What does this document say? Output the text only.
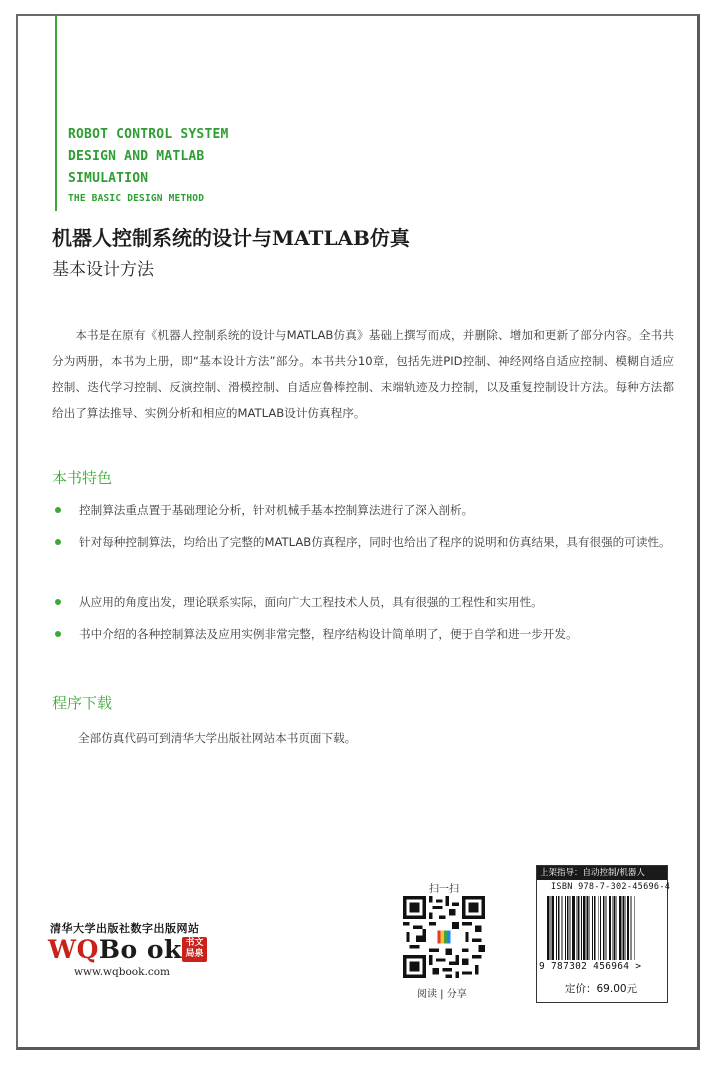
ROBOT CONTROL SYSTEM
DESIGN AND MATLAB
SIMULATION
THE BASIC DESIGN METHOD
机器人控制系统的设计与MATLAB仿真
基本设计方法
本书是在原有《机器人控制系统的设计与MATLAB仿真》基础上撰写而成，并删除、增加和更新了部分内容。全书共分为两册，本书为上册，即“基本设计方法”部分。本书共分10章，包括先进PID控制、神经网络自适应控制、模糊自适应控制、迭代学习控制、反演控制、滑模控制、自适应鲁棒控制、末端轨迹及力控制，以及重复控制设计方法。每种方法都给出了算法推导、实例分析和相应的MATLAB设计仿真程序。
本书特色
控制算法重点置于基础理论分析，针对机械手基本控制算法进行了深入剖析。
针对每种控制算法，均给出了完整的MATLAB仿真程序，同时也给出了程序的说明和仿真结果，具有很强的可读性。
从应用的角度出发，理论联系实际，面向广大工程技术人员，具有很强的工程性和实用性。
书中介绍的各种控制算法及应用实例非常完整，程序结构设计简单明了，便于自学和进一步开发。
程序下载
全部仿真代码可到清华大学出版社网站本书页面下载。
清华大学出版社数字出版网站
WQBo ok 书文
局泉
www.wqbook.com
扫一扫
阅读 | 分享
上架指导：自动控制/机器人
ISBN 978-7-302-45696-4
9 787302 456964 >
定价：69.00元
